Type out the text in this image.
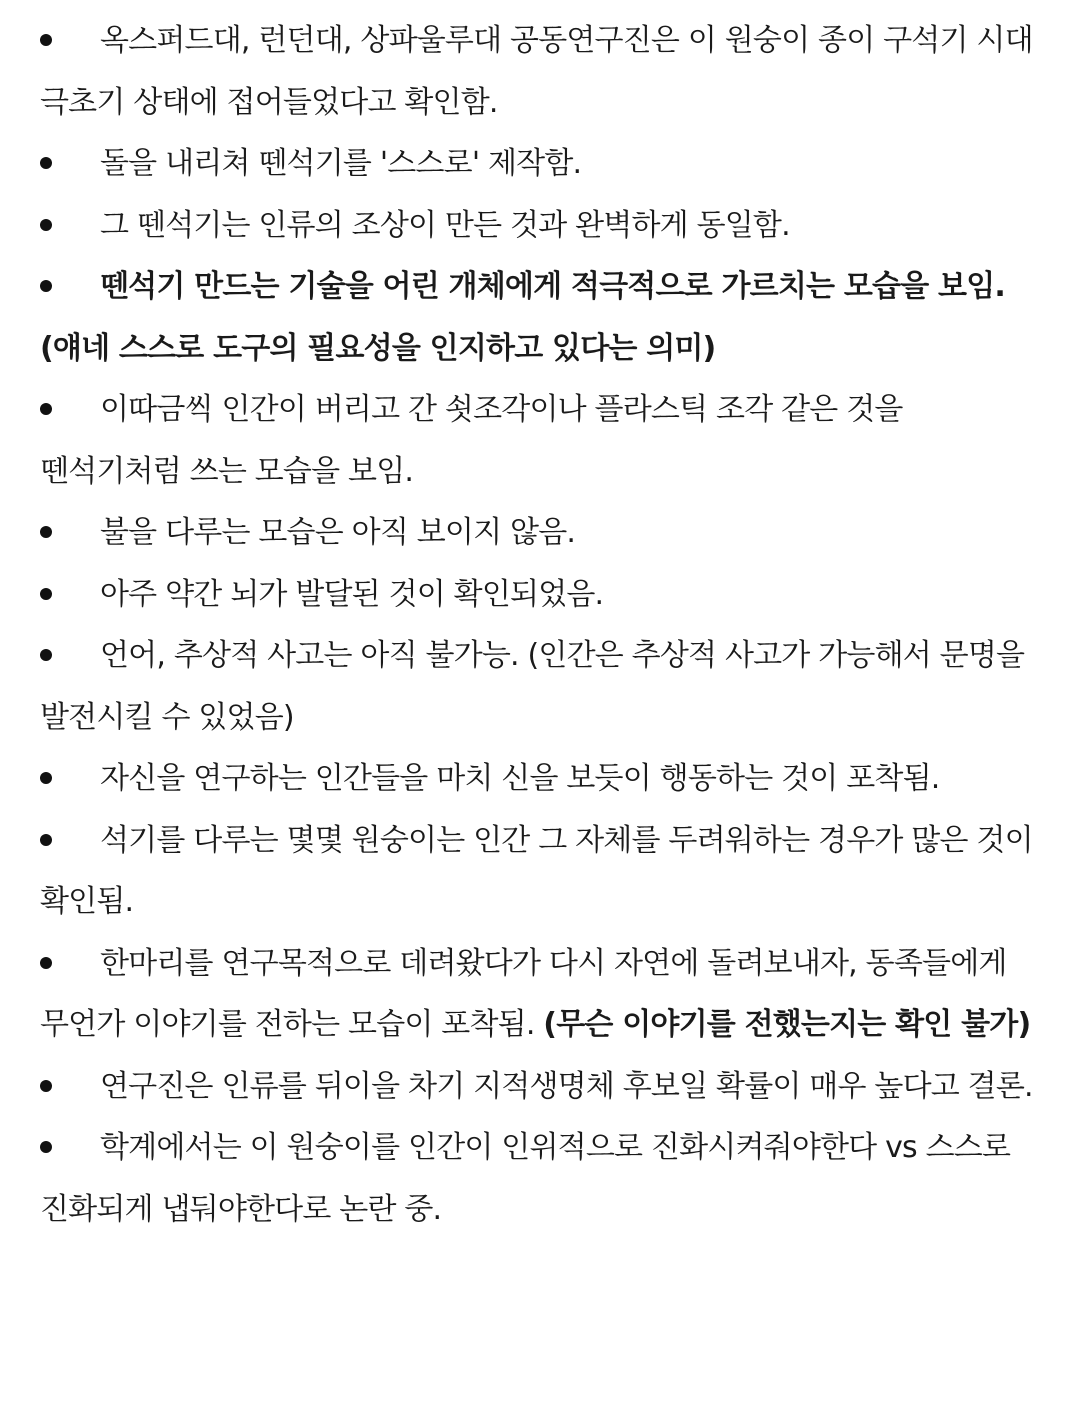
옥스퍼드대, 런던대, 상파울루대 공동연구진은 이 원숭이 종이 구석기 시대 극초기 상태에 접어들었다고 확인함.
돌을 내리쳐 뗀석기를 '스스로' 제작함.
그 뗀석기는 인류의 조상이 만든 것과 완벽하게 동일함.
뗀석기 만드는 기술을 어린 개체에게 적극적으로 가르치는 모습을 보임. (얘네 스스로 도구의 필요성을 인지하고 있다는 의미)
이따금씩 인간이 버리고 간 쇳조각이나 플라스틱 조각 같은 것을 뗀석기처럼 쓰는 모습을 보임.
불을 다루는 모습은 아직 보이지 않음.
아주 약간 뇌가 발달된 것이 확인되었음.
언어, 추상적 사고는 아직 불가능. (인간은 추상적 사고가 가능해서 문명을 발전시킬 수 있었음)
자신을 연구하는 인간들을 마치 신을 보듯이 행동하는 것이 포착됨.
석기를 다루는 몇몇 원숭이는 인간 그 자체를 두려워하는 경우가 많은 것이 확인됨.
한마리를 연구목적으로 데려왔다가 다시 자연에 돌려보내자, 동족들에게 무언가 이야기를 전하는 모습이 포착됨. (무슨 이야기를 전했는지는 확인 불가)
연구진은 인류를 뒤이을 차기 지적생명체 후보일 확률이 매우 높다고 결론.
학계에서는 이 원숭이를 인간이 인위적으로 진화시켜줘야한다 vs 스스로 진화되게 냅둬야한다로 논란 중.
